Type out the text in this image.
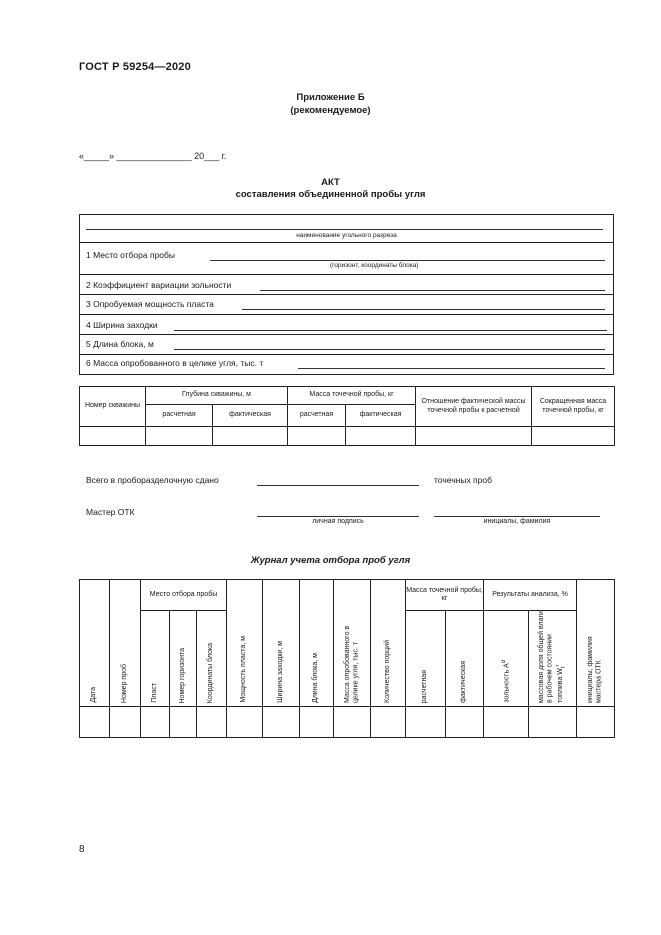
ГОСТ Р 59254—2020
Приложение Б
(рекомендуемое)
«_____» _______________ 20___ г.
АКТ
составления объединенной пробы угля
наименование угольного разреза
1 Место отбора пробы
(горизонт, координаты блока)
2 Коэффициент вариации зольности
3 Опробуемая мощность пласта
4 Ширина заходки
5 Длина блока, м
6 Масса опробованного в целике угля, тыс. т
Номер скважины	Глубина скважины, м		Масса точечной пробы, кг		Отношение фактической массы точечной пробы к расчетной	Сокращенная масса точечной пробы, кг
	расчетная	фактическая	расчетная	фактическая		

Всего в проборазделочную сдано	точечных проб
Мастер ОТК
личная подпись	инициалы, фамилия
Журнал учета отбора проб угля
Дата	Номер проб	Место отбора пробы			Мощность пласта, м	Ширина заходки, м	Длина блока, м	Масса опробованного в целике угля, тыс. т	Количество порций	Масса точечной пробы, кг		Результаты анализа, %		инициалы, фамилия мастера ОТК
		Пласт	Номер горизонта	Координаты блока						расчетная	фактическая	зольность $A^d$	массовая доля общей влаги в рабочем состоянии топлива $W_t^r$

8
